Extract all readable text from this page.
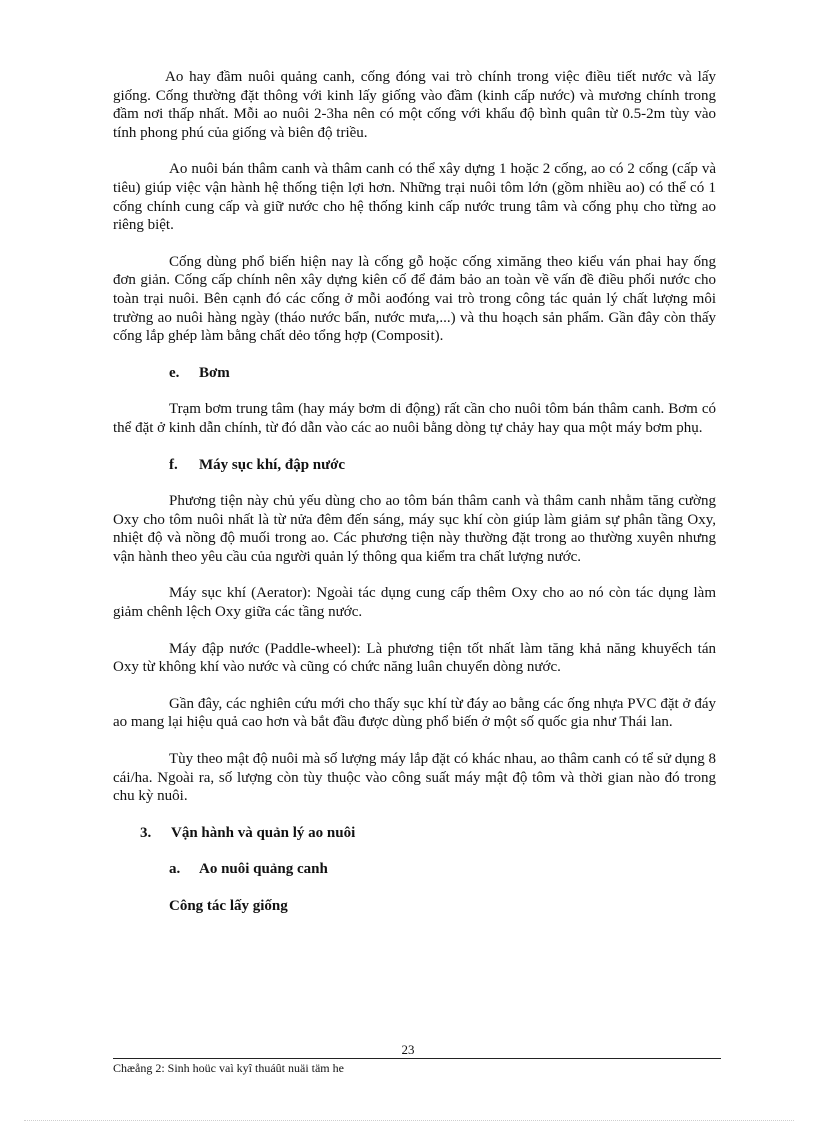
Ao hay đầm nuôi quảng canh, cống đóng vai trò chính trong việc điều tiết nước và lấy giống. Cống thường đặt thông với kinh lấy giống vào đầm (kinh cấp nước) và mương chính trong đầm nơi thấp nhất. Mỗi ao nuôi 2-3ha nên có một cống với khẩu độ bình quân từ 0.5-2m tùy vào tính phong phú của giống và biên độ triều.

Ao nuôi bán thâm canh và thâm canh có thể xây dựng 1 hoặc 2 cống, ao có 2 cống (cấp và tiêu) giúp việc vận hành hệ thống tiện lợi hơn. Những trại nuôi tôm lớn (gồm nhiều ao) có thể có 1 cống chính cung cấp và giữ nước cho hệ thống kinh cấp nước trung tâm và cống phụ cho từng ao riêng biệt.

Cống dùng phổ biến hiện nay là cống gỗ hoặc cống ximăng theo kiểu ván phai hay ống đơn giản. Cống cấp chính nên xây dựng kiên cố để đảm bảo an toàn về vấn đề điều phối nước cho toàn trại nuôi. Bên cạnh đó các cống ở mỗi aođóng vai trò trong công tác quản lý chất lượng môi trường ao nuôi hàng ngày (tháo nước bẩn, nước mưa,...) và thu hoạch sản phẩm. Gần đây còn thấy cống lắp ghép làm bằng chất dẻo tổng hợp (Composit).

e.	Bơm

Trạm bơm trung tâm (hay máy bơm di động) rất cần cho nuôi tôm bán thâm canh. Bơm có thể đặt ở kinh dẫn chính, từ đó dẫn vào các ao nuôi bằng dòng tự chảy hay qua một máy bơm phụ.

f.	Máy sục khí, đập nước

Phương tiện này chủ yếu dùng cho ao tôm bán thâm canh và thâm canh nhằm tăng cường Oxy cho tôm nuôi nhất là từ nửa đêm đến sáng, máy sục khí còn giúp làm giảm sự phân tầng Oxy, nhiệt độ và nồng độ muối trong ao. Các phương tiện này thường đặt trong ao thường xuyên nhưng vận hành theo yêu cầu của người quản lý thông qua kiểm tra chất lượng nước.

Máy sục khí (Aerator): Ngoài tác dụng cung cấp thêm Oxy cho ao nó còn tác dụng làm giảm chênh lệch Oxy giữa các tầng nước.

Máy đập nước (Paddle-wheel): Là phương tiện tốt nhất làm tăng khả năng khuyếch tán Oxy từ không khí vào nước và cũng có chức năng luân chuyển dòng nước.

Gần đây, các nghiên cứu mới cho thấy sục khí từ đáy ao bằng các ống nhựa PVC đặt ở đáy ao mang lại hiệu quả cao hơn và bắt đầu được dùng phổ biến ở một số quốc gia như Thái lan.

Tùy theo mật độ nuôi mà số lượng máy lắp đặt có khác nhau, ao thâm canh có tể sử dụng 8 cái/ha. Ngoài ra, số lượng còn tùy thuộc vào công suất máy mật độ tôm và thời gian nào đó trong chu kỳ nuôi.

3.	Vận hành và quản lý ao nuôi
a.	Ao nuôi quảng canh
Công tác lấy giống
23
Chæång 2: Sinh hoüc vaì kyî thuáût nuäi täm he
